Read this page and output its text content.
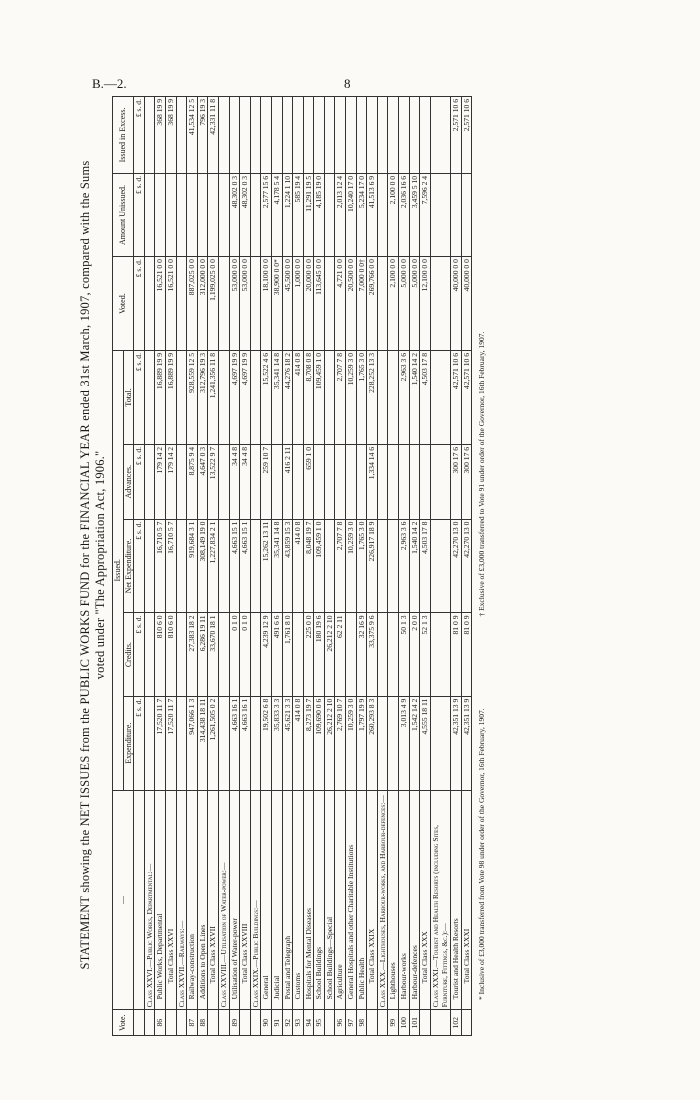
B.—2.	8
STATEMENT showing the NET ISSUES from the PUBLIC WORKS FUND for the FINANCIAL YEAR ended 31st March, 1907, compared with the Sums voted under "The Appropriation Act, 1906."
Vote.	—	Issued.					Voted.	Amount Unissued.	Issued in Excess.
		Expenditure.	Credits.	Net Expenditure.	Advances.	Total.			
		£ s. d.	£ s. d.	£ s. d.	£ s. d.	£ s. d.	£ s. d.	£ s. d.	£ s. d.
	Class XXVI.—Public Works, Departmental:—								
86	Public Works, Departmental	17,520 11 7	810 6 0	16,710 5 7	179 14 2	16,889 19 9	16,521 0 0		368 19 9
	Total Class XXVI	17,520 11 7	810 6 0	16,710 5 7	179 14 2	16,889 19 9	16,521 0 0		368 19 9
	Class XXVII.—Railways:—								
87	Railway-construction	947,066 1 3	27,383 18 2	919,684 3 1	8,875 9 4	928,559 12 5	887,025 0 0		41,534 12 5
88	Additions to Open Lines	314,438 18 11	6,286 19 11	308,149 19 0	4,647 0 3	312,796 19 3	312,000 0 0		796 19 3
	Total Class XXVII	1,261,505 0 2	33,670 18 1	1,227,834 2 1	13,522 9 7	1,241,356 11 8	1,199,025 0 0		42,331 11 8
	Class XXVIII.—Utilisation of Water-power:—								
89	Utilisation of Water-power	4,663 16 1	0 1 0	4,663 15 1	34 4 8	4,697 19 9	53,000 0 0	48,302 0 3	
	Total Class XXVIII	4,663 16 1	0 1 0	4,663 15 1	34 4 8	4,697 19 9	53,000 0 0	48,302 0 3	
	Class XXIX.—Public Buildings:—								
90	General	19,502 6 8	4,239 12 9	15,262 13 11	259 10 7	15,522 4 6	18,100 0 0	2,577 15 6	
91	Judicial	35,833 3 3	491 6 6	35,341 14 8		35,341 14 8	38,900 0 0*	4,178 5 4	
92	Postal and Telegraph	45,621 3 3	1,761 8 0	43,859 15 3	416 2 11	44,276 18 2	45,500 0 0	1,224 1 10	
93	Customs	414 0 8		414 0 8		414 0 8	1,000 0 0	585 19 4	
94	Hospitals for Mental Diseases	8,273 19 7	225 0 0	8,048 19 7	659 1 0	8,708 0 8	20,000 0 0	11,291 19 5	
95	School Buildings	109,690 0 6	180 19 6	109,459 1 0		109,459 1 0	113,645 0 0	4,185 19 0	
	School Buildings—Special	26,212 2 10	26,212 2 10						
96	Agriculture	2,769 10 7	62 2 11	2,707 7 8		2,707 7 8	4,721 0 0	2,013 12 4	
97	General Hospitals and other Charitable Institutions	10,259 3 0		10,259 3 0		10,259 3 0	20,500 0 0	10,240 17 0	
98	Public Health	1,797 19 9	32 16 9	1,765 3 0		1,765 3 0	7,000 0 0†	5,234 17 0	
	Total Class XXIX	260,293 8 3	33,375 9 6	226,917 18 9	1,334 14 6	228,252 13 3	269,766 0 0	41,513 6 9	
	Class XXX.—Lighthouses, Harbour-works, and Harbour-defences:—								
99	Lighthouses						2,100 0 0	2,100 0 0	
100	Harbour-works	3,013 4 9	50 1 3	2,963 3 6		2,963 3 6	5,000 0 0	2,036 16 6	
101	Harbour-defences	1,542 14 2	2 0 0	1,540 14 2		1,540 14 2	5,000 0 0	3,459 5 10	
	Total Class XXX	4,555 18 11	52 1 3	4,503 17 8		4,503 17 8	12,100 0 0	7,596 2 4	
	Class XXXI.—Tourist and Health Resorts (including Sites, Furniture, Fittings, &c.):—								
102	Tourist and Health Resorts	42,351 13 9	81 0 9	42,270 13 0	300 17 6	42,571 10 6	40,000 0 0		2,571 10 6
	Total Class XXXI	42,351 13 9	81 0 9	42,270 13 0	300 17 6	42,571 10 6	40,000 0 0		2,571 10 6
* Inclusive of £3,000 transferred from Vote 98 under order of the Governor, 16th February, 1907. † Exclusive of £3,000 transferred to Vote 91 under order of the Governor, 16th February, 1907.
